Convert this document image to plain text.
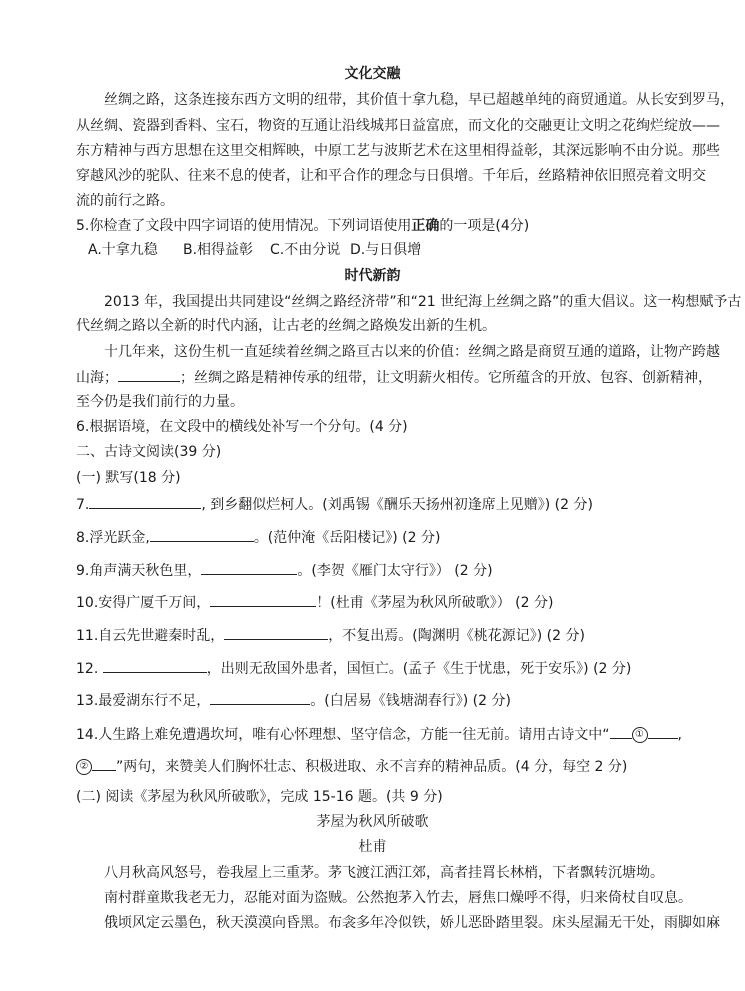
文化交融
丝绸之路，这条连接东西方文明的纽带，其价值十拿九稳，早已超越单纯的商贸通道。从长安到罗马，
从丝绸、瓷器到香料、宝石，物资的互通让沿线城邦日益富庶，而文化的交融更让文明之花绚烂绽放——
东方精神与西方思想在这里交相辉映，中原工艺与波斯艺术在这里相得益彰，其深远影响不由分说。那些
穿越风沙的驼队、往来不息的使者，让和平合作的理念与日俱增。千年后，丝路精神依旧照亮着文明交
流的前行之路。
5.你检查了文段中四字词语的使用情况。下列词语使用正确的一项是(4分)
A.十拿九稳 B.相得益彰 C.不由分说 D.与日俱增
时代新韵
2013 年，我国提出共同建设“丝绸之路经济带”和“21 世纪海上丝绸之路”的重大倡议。这一构想赋予古
代丝绸之路以全新的时代内涵，让古老的丝绸之路焕发出新的生机。
十几年来，这份生机一直延续着丝绸之路亘古以来的价值：丝绸之路是商贸互通的道路，让物产跨越
山海；	；丝绸之路是精神传承的纽带，让文明薪火相传。它所蕴含的开放、包容、创新精神，
至今仍是我们前行的力量。
6.根据语境，在文段中的横线处补写一个分句。(4 分)
二、古诗文阅读(39 分)
(一) 默写(18 分)
7.	, 到乡翻似烂柯人。(刘禹锡《酬乐天扬州初逢席上见赠》) (2 分)
8.浮光跃金,	。(范仲淹《岳阳楼记》) (2 分)
9.角声满天秋色里，	。(李贺《雁门太守行》） (2 分)
10.安得广厦千万间，	！(杜甫《茅屋为秋风所破歌》） (2 分)
11.自云先世避秦时乱，	，不复出焉。(陶渊明《桃花源记》) (2 分)
12.	，出则无敌国外患者，国恒亡。(孟子《生于忧患，死于安乐》) (2 分)
13.最爱湖东行不足，	。(白居易《钱塘湖春行》) (2 分)
14.人生路上难免遭遇坎坷，唯有心怀理想、坚守信念，方能一往无前。请用古诗文中“	① ,
② ”两句，来赞美人们胸怀壮志、积极进取、永不言弃的精神品质。(4 分，每空 2 分)
(二) 阅读《茅屋为秋风所破歌》，完成 15-16 题。(共 9 分)
茅屋为秋风所破歌
杜甫
八月秋高风怒号，卷我屋上三重茅。茅飞渡江洒江郊，高者挂罥长林梢，下者飘转沉塘坳。
南村群童欺我老无力，忍能对面为盗贼。公然抱茅入竹去，唇焦口燥呼不得，归来倚杖自叹息。
俄顷风定云墨色，秋天漠漠向昏黑。布衾多年冷似铁，娇儿恶卧踏里裂。床头屋漏无干处，雨脚如麻
